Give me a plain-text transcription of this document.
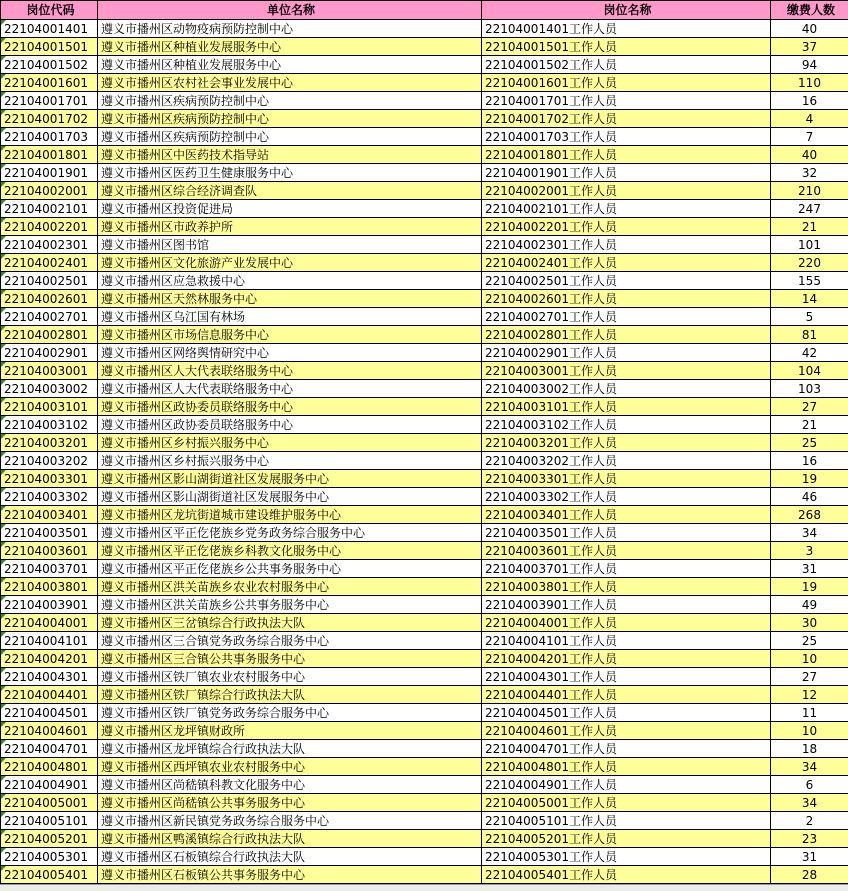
岗位代码	单位名称	岗位名称	缴费人数
22104001401	遵义市播州区动物疫病预防控制中心	22104001401工作人员	40
22104001501	遵义市播州区种植业发展服务中心	22104001501工作人员	37
22104001502	遵义市播州区种植业发展服务中心	22104001502工作人员	94
22104001601	遵义市播州区农村社会事业发展中心	22104001601工作人员	110
22104001701	遵义市播州区疾病预防控制中心	22104001701工作人员	16
22104001702	遵义市播州区疾病预防控制中心	22104001702工作人员	4
22104001703	遵义市播州区疾病预防控制中心	22104001703工作人员	7
22104001801	遵义市播州区中医药技术指导站	22104001801工作人员	40
22104001901	遵义市播州区医药卫生健康服务中心	22104001901工作人员	32
22104002001	遵义市播州区综合经济调查队	22104002001工作人员	210
22104002101	遵义市播州区投资促进局	22104002101工作人员	247
22104002201	遵义市播州区市政养护所	22104002201工作人员	21
22104002301	遵义市播州区图书馆	22104002301工作人员	101
22104002401	遵义市播州区文化旅游产业发展中心	22104002401工作人员	220
22104002501	遵义市播州区应急救援中心	22104002501工作人员	155
22104002601	遵义市播州区天然林服务中心	22104002601工作人员	14
22104002701	遵义市播州区乌江国有林场	22104002701工作人员	5
22104002801	遵义市播州区市场信息服务中心	22104002801工作人员	81
22104002901	遵义市播州区网络舆情研究中心	22104002901工作人员	42
22104003001	遵义市播州区人大代表联络服务中心	22104003001工作人员	104
22104003002	遵义市播州区人大代表联络服务中心	22104003002工作人员	103
22104003101	遵义市播州区政协委员联络服务中心	22104003101工作人员	27
22104003102	遵义市播州区政协委员联络服务中心	22104003102工作人员	21
22104003201	遵义市播州区乡村振兴服务中心	22104003201工作人员	25
22104003202	遵义市播州区乡村振兴服务中心	22104003202工作人员	16
22104003301	遵义市播州区影山湖街道社区发展服务中心	22104003301工作人员	19
22104003302	遵义市播州区影山湖街道社区发展服务中心	22104003302工作人员	46
22104003401	遵义市播州区龙坑街道城市建设维护服务中心	22104003401工作人员	268
22104003501	遵义市播州区平正仡佬族乡党务政务综合服务中心	22104003501工作人员	34
22104003601	遵义市播州区平正仡佬族乡科教文化服务中心	22104003601工作人员	3
22104003701	遵义市播州区平正仡佬族乡公共事务服务中心	22104003701工作人员	31
22104003801	遵义市播州区洪关苗族乡农业农村服务中心	22104003801工作人员	19
22104003901	遵义市播州区洪关苗族乡公共事务服务中心	22104003901工作人员	49
22104004001	遵义市播州区三岔镇综合行政执法大队	22104004001工作人员	30
22104004101	遵义市播州区三合镇党务政务综合服务中心	22104004101工作人员	25
22104004201	遵义市播州区三合镇公共事务服务中心	22104004201工作人员	10
22104004301	遵义市播州区铁厂镇农业农村服务中心	22104004301工作人员	27
22104004401	遵义市播州区铁厂镇综合行政执法大队	22104004401工作人员	12
22104004501	遵义市播州区铁厂镇党务政务综合服务中心	22104004501工作人员	11
22104004601	遵义市播州区龙坪镇财政所	22104004601工作人员	10
22104004701	遵义市播州区龙坪镇综合行政执法大队	22104004701工作人员	18
22104004801	遵义市播州区西坪镇农业农村服务中心	22104004801工作人员	34
22104004901	遵义市播州区尚嵇镇科教文化服务中心	22104004901工作人员	6
22104005001	遵义市播州区尚嵇镇公共事务服务中心	22104005001工作人员	34
22104005101	遵义市播州区新民镇党务政务综合服务中心	22104005101工作人员	2
22104005201	遵义市播州区鸭溪镇综合行政执法大队	22104005201工作人员	23
22104005301	遵义市播州区石板镇综合行政执法大队	22104005301工作人员	31
22104005401	遵义市播州区石板镇公共事务服务中心	22104005401工作人员	28
